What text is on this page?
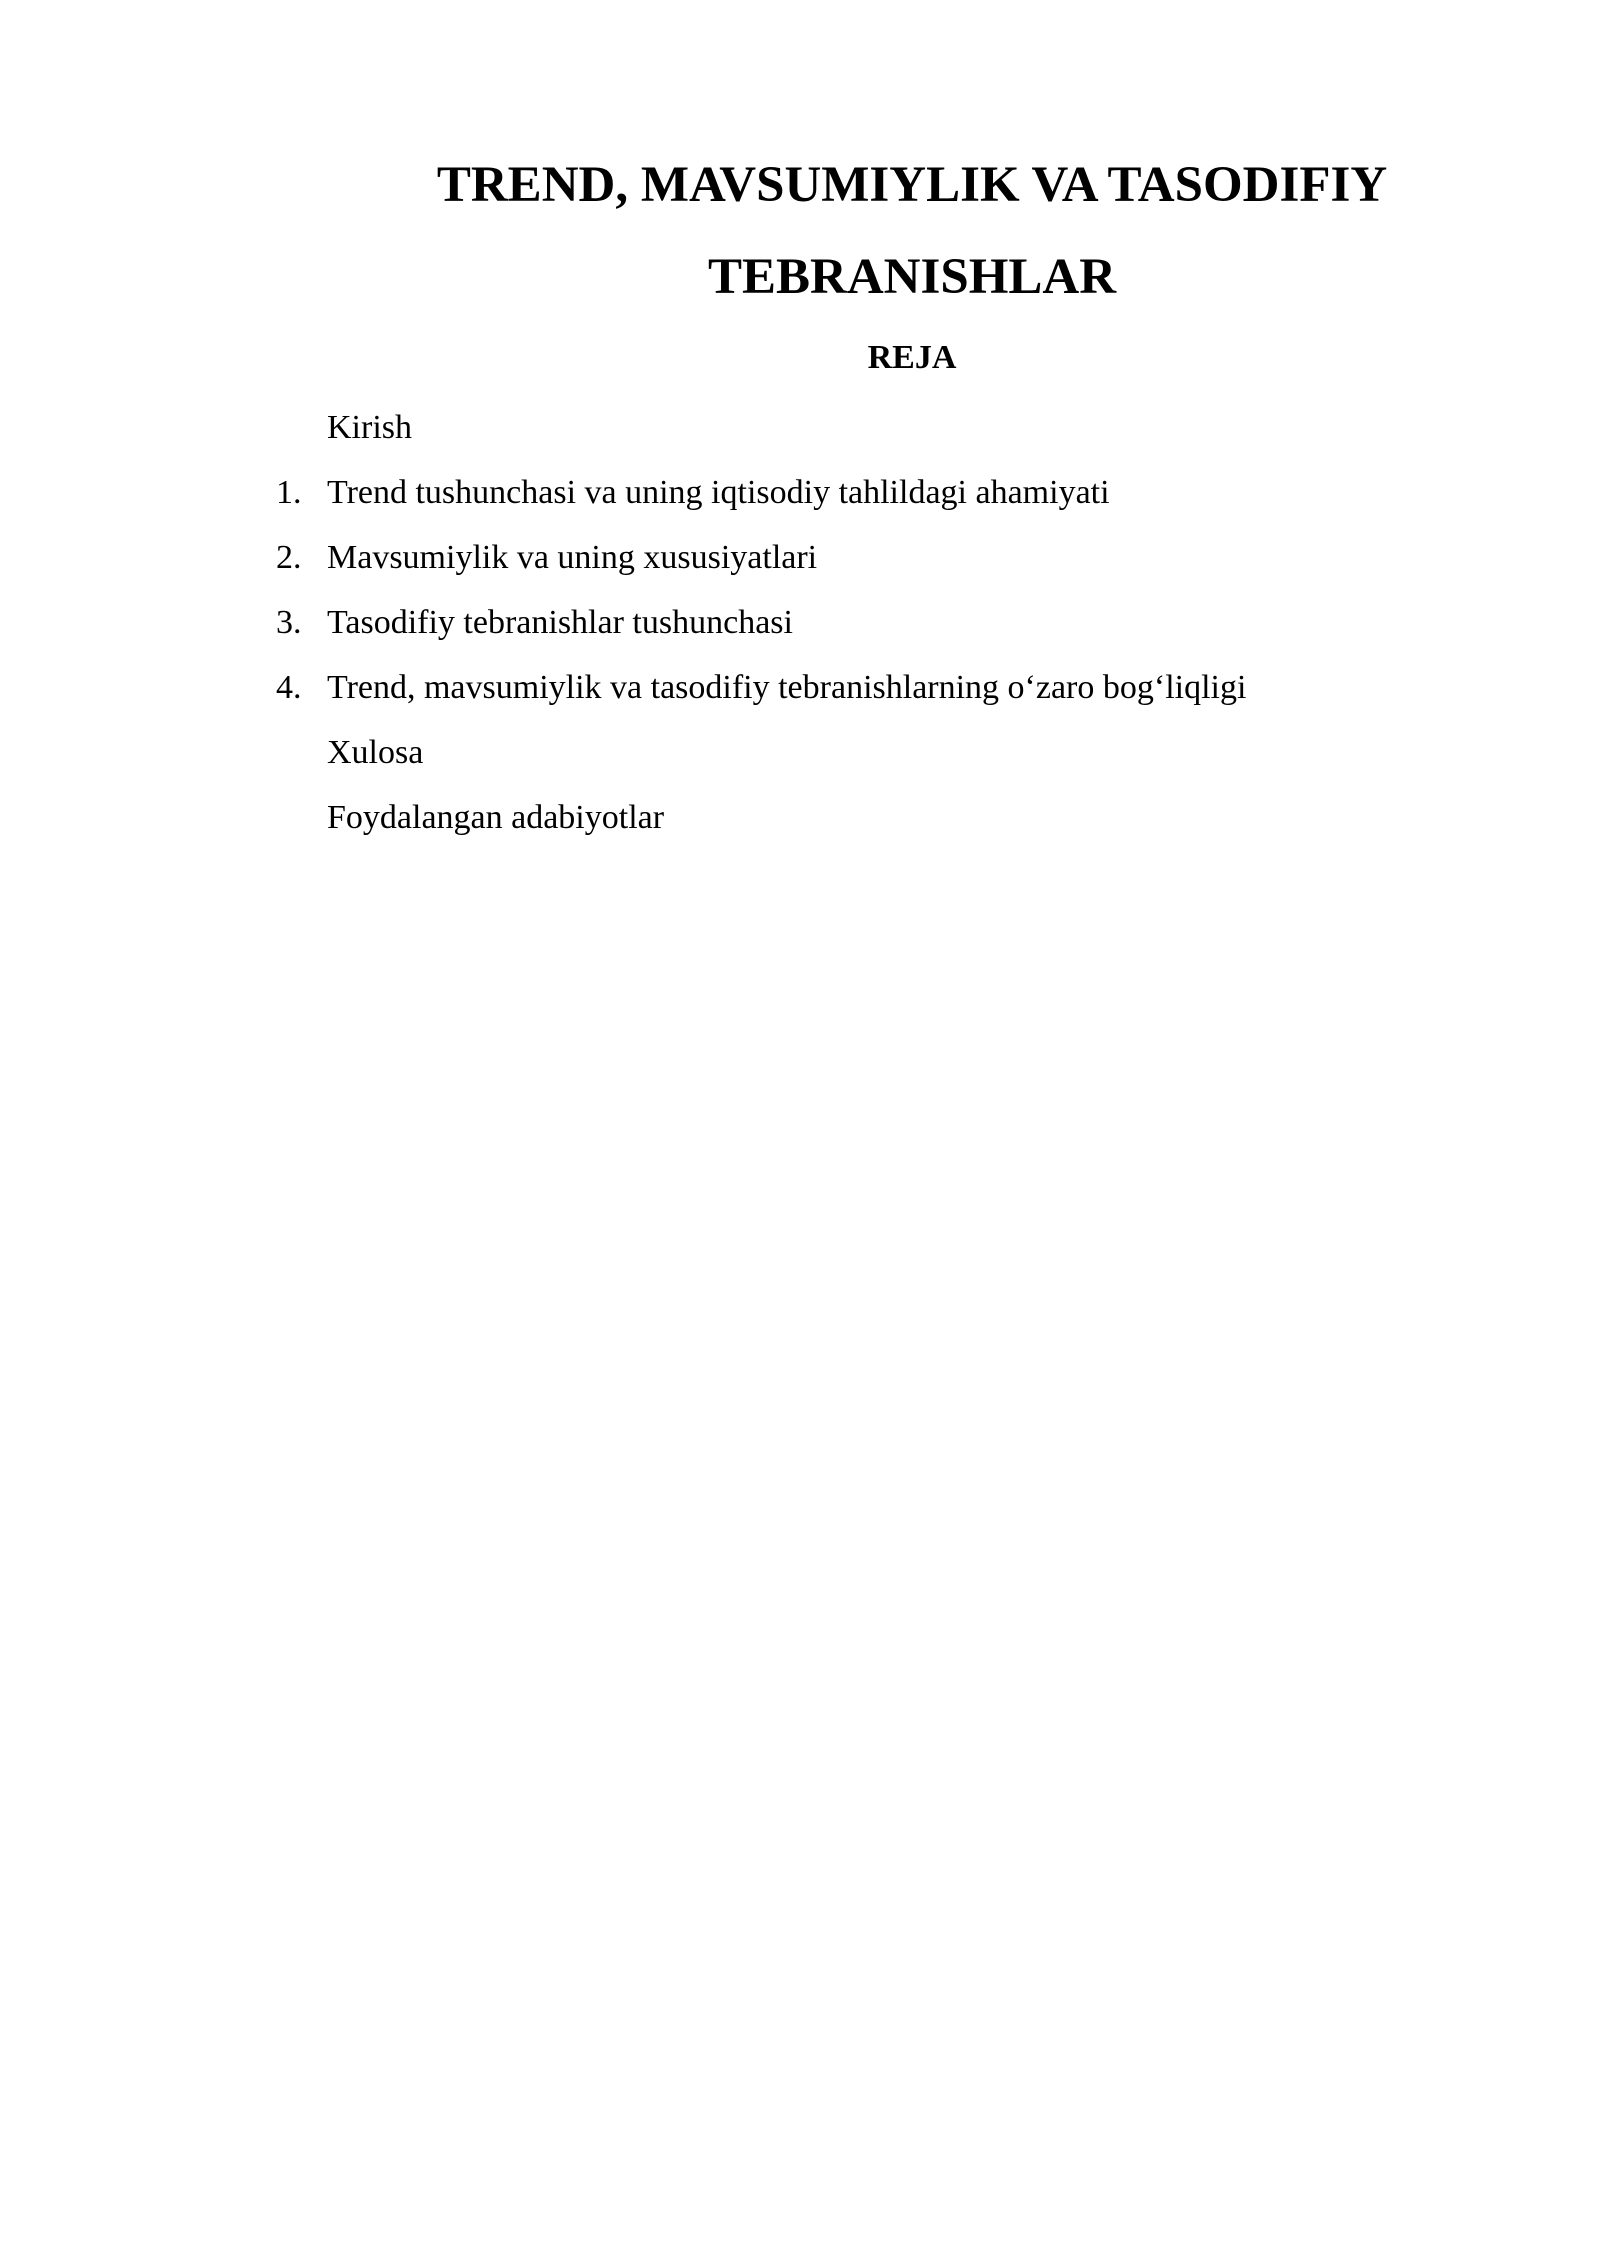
TREND, MAVSUMIYLIK VA TASODIFIY
TEBRANISHLAR
REJA
Kirish
1. Trend tushunchasi va uning iqtisodiy tahlildagi ahamiyati
2. Mavsumiylik va uning xususiyatlari
3. Tasodifiy tebranishlar tushunchasi
4. Trend, mavsumiylik va tasodifiy tebranishlarning o‘zaro bog‘liqligi
Xulosa
Foydalangan adabiyotlar
